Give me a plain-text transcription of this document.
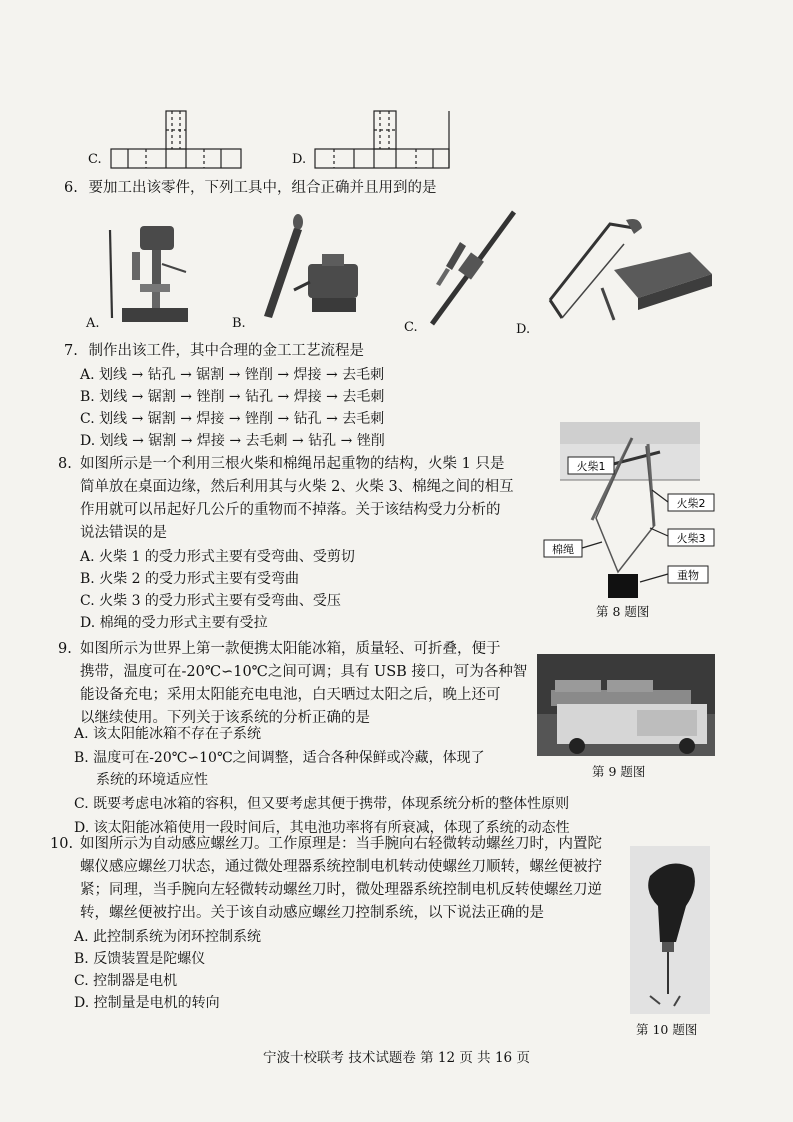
C.	D.
6. 要加工出该零件，下列工具中，组合正确并且用到的是
A.	B.	C.	D.
7. 制作出该工件，其中合理的金工工艺流程是
A. 划线 → 钻孔 → 锯割 → 锉削 → 焊接 → 去毛刺
B. 划线 → 锯割 → 锉削 → 钻孔 → 焊接 → 去毛刺
C. 划线 → 锯割 → 焊接 → 锉削 → 钻孔 → 去毛刺
D. 划线 → 锯割 → 焊接 → 去毛刺 → 钻孔 → 锉削
8. 如图所示是一个利用三根火柴和棉绳吊起重物的结构，火柴 1 只是
简单放在桌面边缘，然后利用其与火柴 2、火柴 3、棉绳之间的相互
作用就可以吊起好几公斤的重物而不掉落。关于该结构受力分析的
说法错误的是
A. 火柴 1 的受力形式主要有受弯曲、受剪切
B. 火柴 2 的受力形式主要有受弯曲
C. 火柴 3 的受力形式主要有受弯曲、受压
D. 棉绳的受力形式主要有受拉
火柴1
火柴2
火柴3
棉绳
重物
第 8 题图
9. 如图所示为世界上第一款便携太阳能冰箱，质量轻、可折叠，便于
携带，温度可在-20℃∽10℃之间可调；具有 USB 接口，可为各种智
能设备充电；采用太阳能充电电池，白天晒过太阳之后，晚上还可
以继续使用。下列关于该系统的分析正确的是
A. 该太阳能冰箱不存在子系统
B. 温度可在-20℃∽10℃之间调整，适合各种保鲜或冷藏，体现了
系统的环境适应性
C. 既要考虑电冰箱的容积，但又要考虑其便于携带，体现系统分析的整体性原则
D. 该太阳能冰箱使用一段时间后，其电池功率将有所衰减，体现了系统的动态性
第 9 题图
10. 如图所示为自动感应螺丝刀。工作原理是：当手腕向右轻微转动螺丝刀时，内置陀
螺仪感应螺丝刀状态，通过微处理器系统控制电机转动使螺丝刀顺转，螺丝便被拧
紧；同理，当手腕向左轻微转动螺丝刀时，微处理器系统控制电机反转使螺丝刀逆
转，螺丝便被拧出。关于该自动感应螺丝刀控制系统，以下说法正确的是
A. 此控制系统为闭环控制系统
B. 反馈装置是陀螺仪
C. 控制器是电机
D. 控制量是电机的转向
第 10 题图
宁波十校联考 技术试题卷 第 12 页 共 16 页
